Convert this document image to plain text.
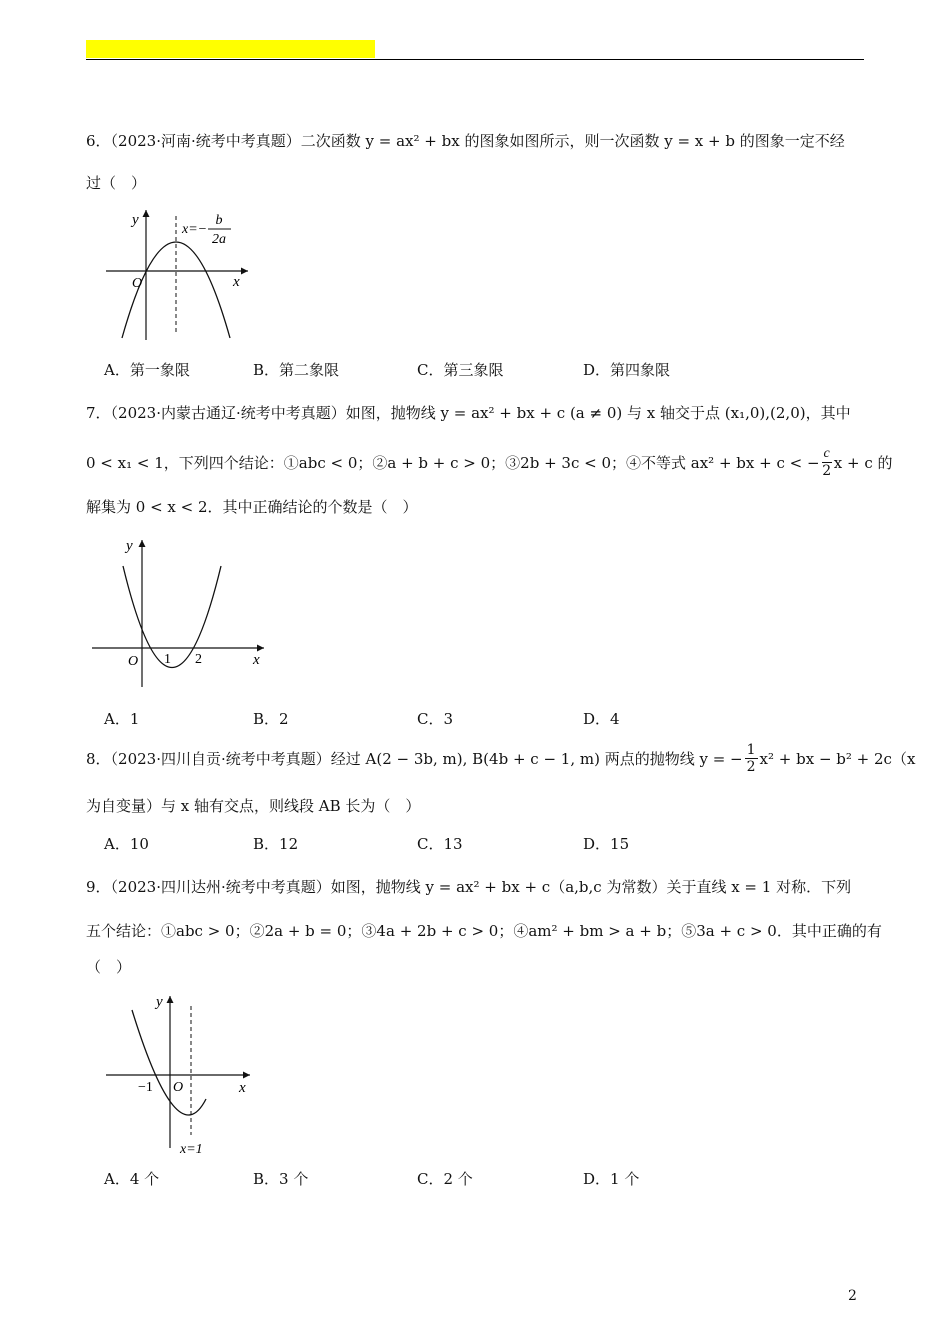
6．（2023·河南·统考中考真题）二次函数 y = ax² + bx 的图象如图所示，则一次函数 y = x + b 的图象一定不经
过（　）
y
x
O
x=−
b
2a
A．第一象限	B．第二象限	C．第三象限	D．第四象限
7．（2023·内蒙古通辽·统考中考真题）如图，抛物线 y = ax² + bx + c (a ≠ 0) 与 x 轴交于点 (x₁,0),(2,0)，其中
0 < x₁ < 1，下列四个结论：①abc < 0；②a + b + c > 0；③2b + 3c < 0；④不等式 ax² + bx + c < − $\frac{c}{2}$ x + c 的
解集为 0 < x < 2．其中正确结论的个数是（　）
y
x
O 1 2
A．1	B．2	C．3	D．4
8．（2023·四川自贡·统考中考真题）经过 A(2 − 3b, m), B(4b + c − 1, m) 两点的抛物线 y = − $\frac{1}{2} x^2$ + bx − b² + 2c（x
为自变量）与 x 轴有交点，则线段 AB 长为（　）
A．10	B．12	C．13	D．15
9．（2023·四川达州·统考中考真题）如图，抛物线 y = ax² + bx + c（a,b,c 为常数）关于直线 x = 1 对称．下列
五个结论：①abc > 0；②2a + b = 0；③4a + 2b + c > 0；④am² + bm > a + b；⑤3a + c > 0．其中正确的有
（　）
y
x
O
−1
x=1
A．4 个	B．3 个	C．2 个	D．1 个
2
